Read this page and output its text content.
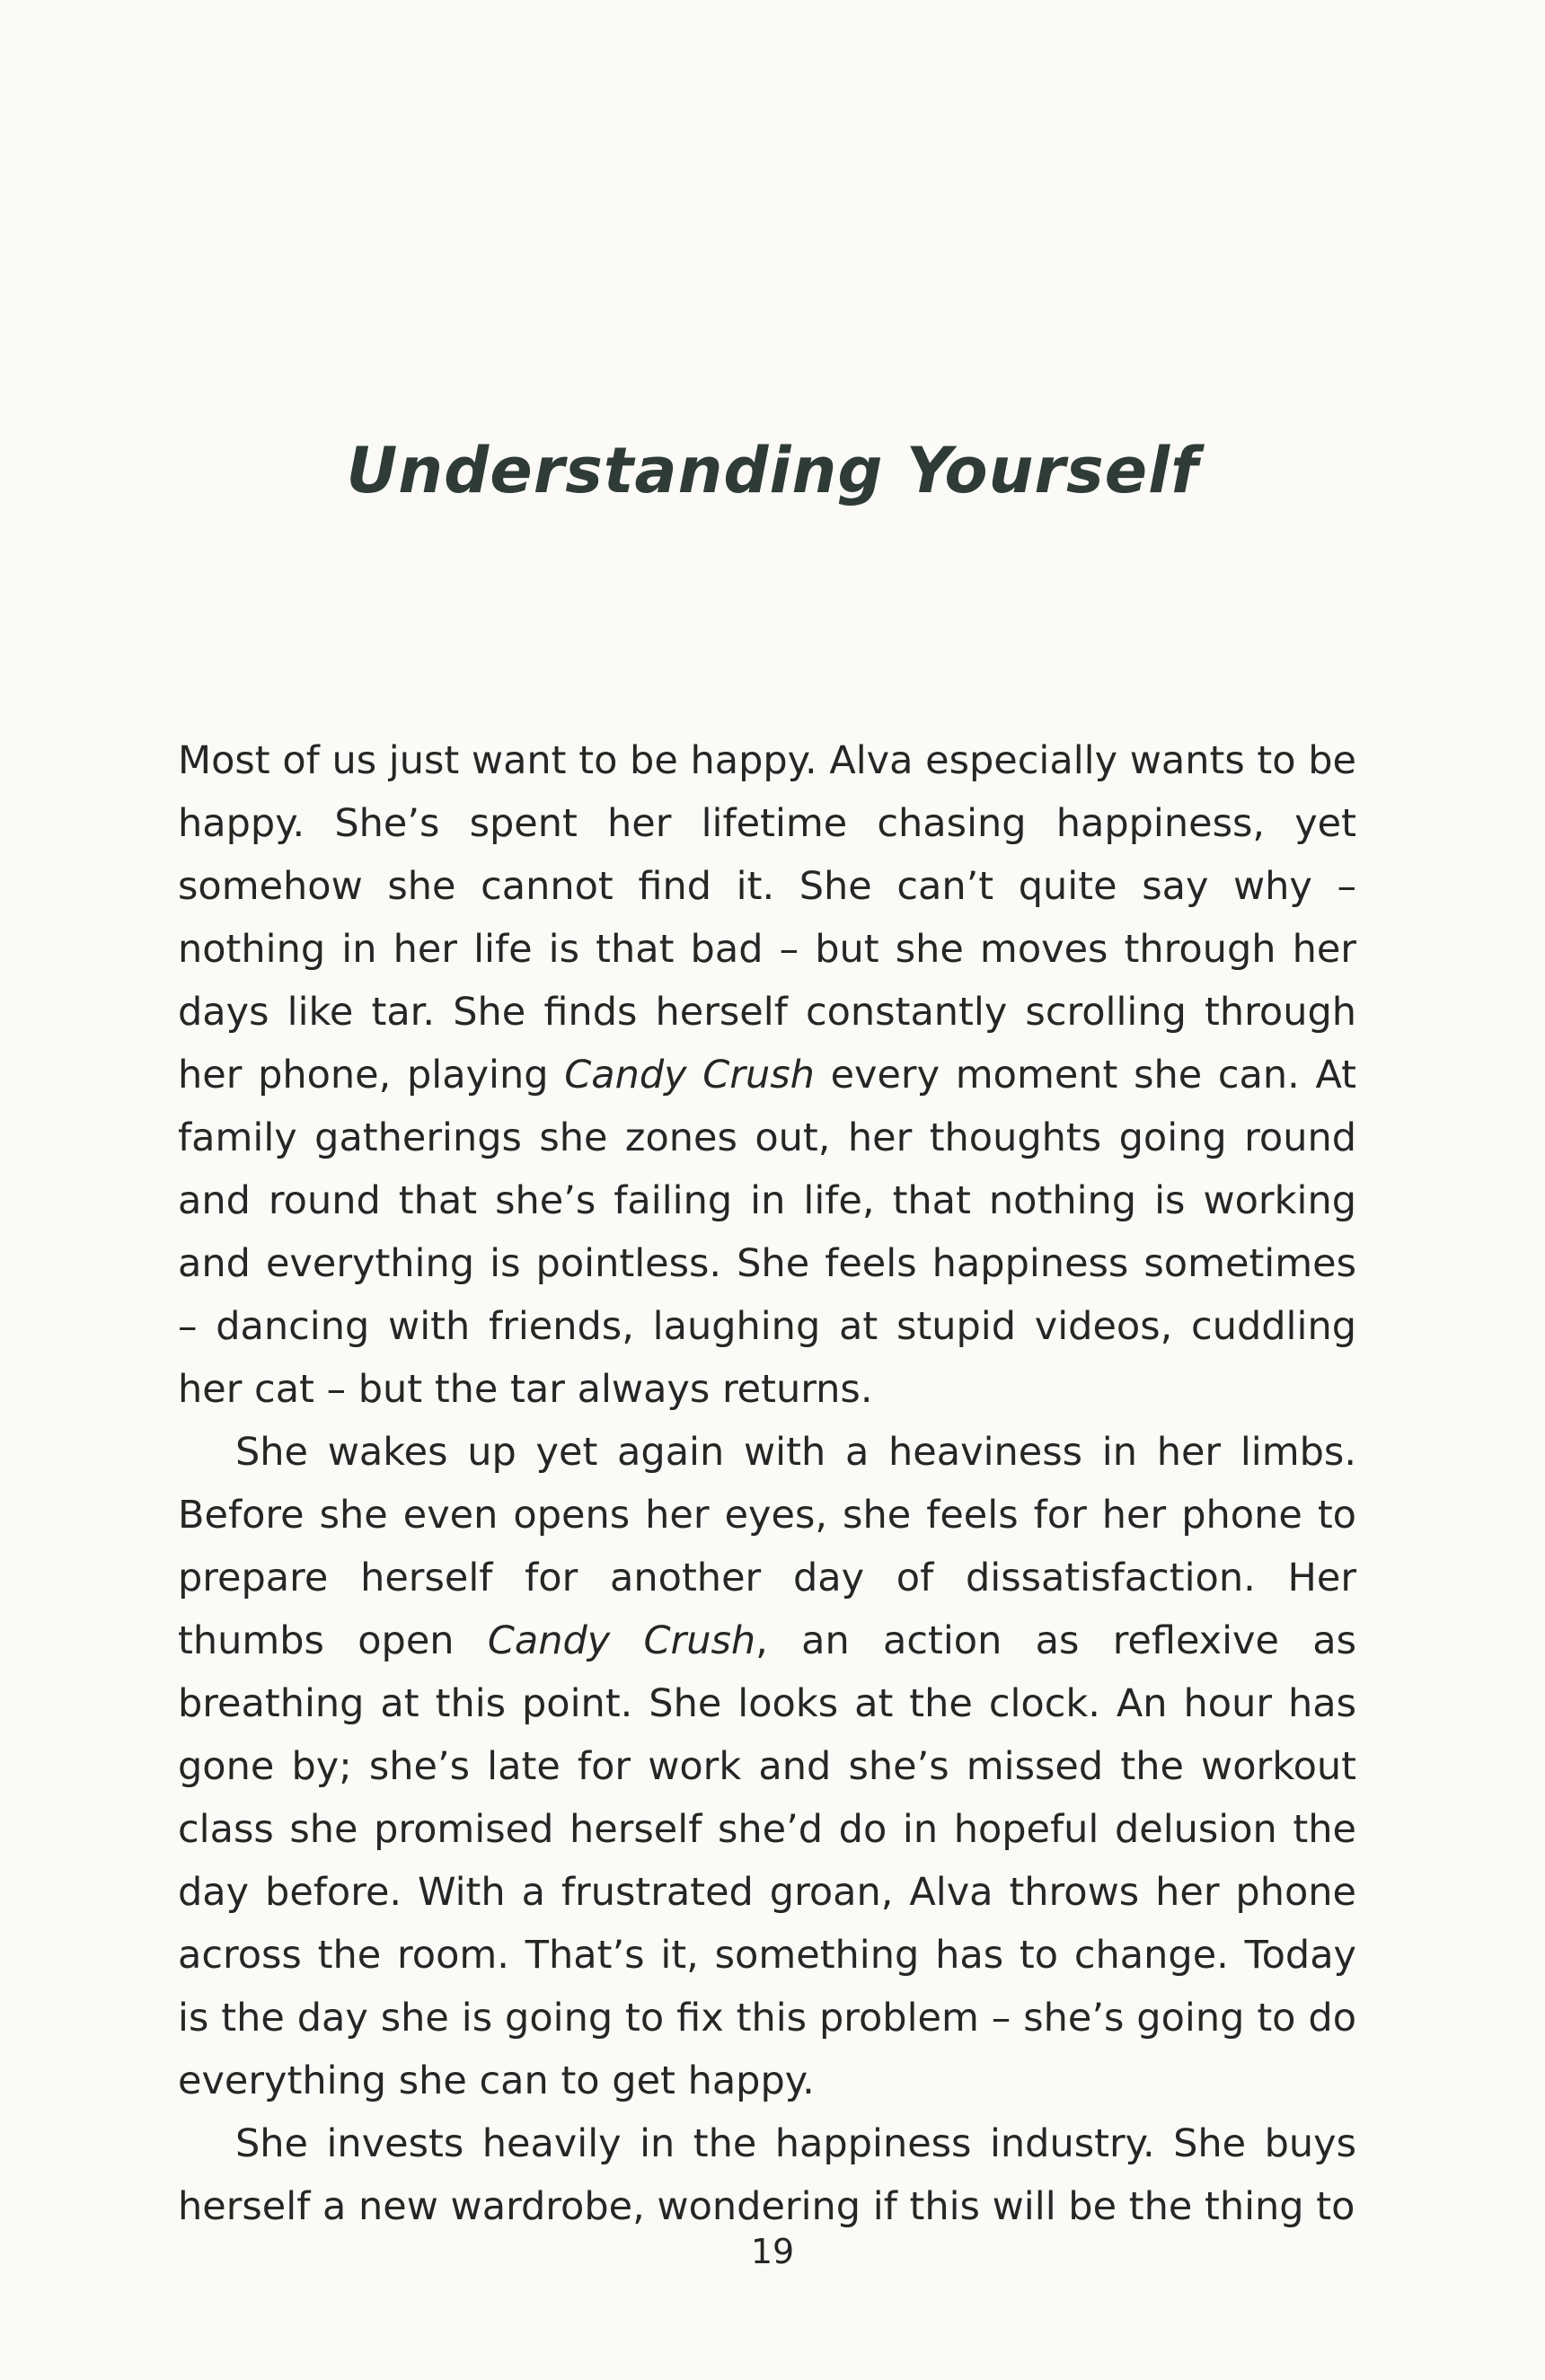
Understanding Yourself

Most of us just want to be happy. Alva especially wants to be happy. She’s spent her lifetime chasing happiness, yet somehow she cannot find it. She can’t quite say why – nothing in her life is that bad – but she moves through her days like tar. She finds herself constantly scrolling through her phone, playing Candy Crush every moment she can. At family gatherings she zones out, her thoughts going round and round that she’s failing in life, that nothing is working and everything is pointless. She feels happiness sometimes – dancing with friends, laughing at stupid videos, cuddling her cat – but the tar always returns.

She wakes up yet again with a heaviness in her limbs. Before she even opens her eyes, she feels for her phone to prepare herself for another day of dissatisfaction. Her thumbs open Candy Crush, an action as reflexive as breathing at this point. She looks at the clock. An hour has gone by; she’s late for work and she’s missed the workout class she promised herself she’d do in hopeful delusion the day before. With a frustrated groan, Alva throws her phone across the room. That’s it, something has to change. Today is the day she is going to fix this problem – she’s going to do everything she can to get happy.

She invests heavily in the happiness industry. She buys herself a new wardrobe, wondering if this will be the thing to

19
